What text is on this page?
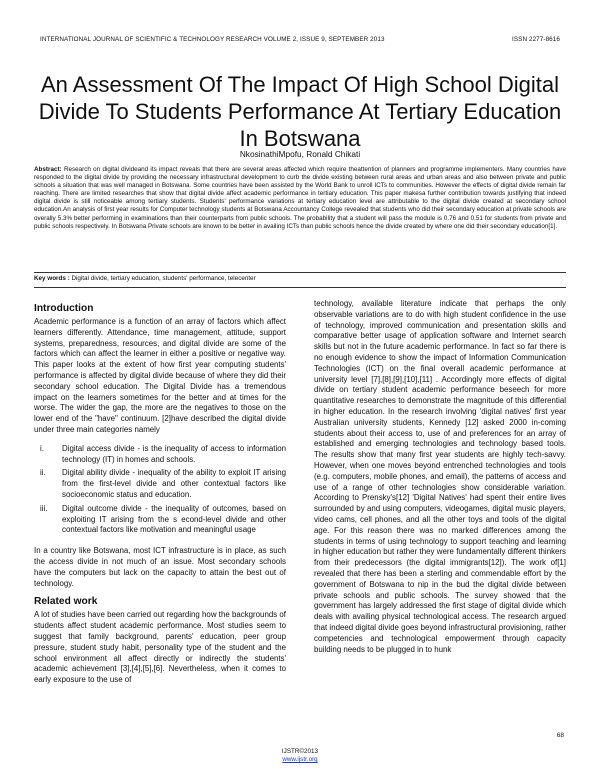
INTERNATIONAL JOURNAL OF SCIENTIFIC & TECHNOLOGY RESEARCH VOLUME 2, ISSUE 9, SEPTEMBER 2013	ISSN 2277-8616
An Assessment Of The Impact Of High School Digital Divide To Students Performance At Tertiary Education In Botswana
NkosinathiMpofu, Ronald Chikati
Abstract: Research on digital divideand its impact reveals that there are several areas affected which require theattention of planners and programme implementers. Many countries have responded to the digital divide by providing the necessary infrastructural development to curb the divide existing between rural areas and urban areas and also between private and public schools a situation that was well managed in Botswana. Some countries have been assisted by the World Bank to unroll ICTs to communities. However the effects of digital divide remain far reaching. There are limited researches that show that digital divide affect academic performance in tertiary education. This paper makesa further contribution towards justifying that indeed digital divide is still noticeable among tertiary students. Students' performance variations at tertiary education level are attributable to the digital divide created at secondary school education.An analysis of first year results for Computer technology students at Botswana Accountancy College revealed that students who did their secondary education at private schools are overally 5.3% better performing in examinations than their counterparts from public schools. The probability that a student will pass the module is 0.76 and 0.51 for students from private and public schools respectively. In Botswana Private schools are known to be better in availing ICTs than public schools hence the divide created by where one did their secondary education[1].
Key words : Digital divide, tertiary education, students' performance, telecenter
Introduction

Academic performance is a function of an array of factors which affect learners differently. Attendance, time management, attitude, support systems, preparedness, resources, and digital divide are some of the factors which can affect the learner in either a positive or negative way. This paper looks at the extent of how first year computing students' performance is affected by digital divide because of where they did their secondary school education. The Digital Divide has a tremendous impact on the learners sometimes for the better and at times for the worse. The wider the gap, the more are the negatives to those on the lower end of the "have" continuum. [2]have described the digital divide under three main categories namely

i. Digital access divide - is the inequality of access to information technology (IT) in homes and schools.
ii. Digital ability divide - inequality of the ability to exploit IT arising from the first-level divide and other contextual factors like socioeconomic status and education.
iii. Digital outcome divide - the inequality of outcomes, based on exploiting IT arising from the s econd-level divide and other contextual factors like motivation and meaningful usage

In a country like Botswana, most ICT infrastructure is in place, as such the access divide in not much of an issue. Most secondary schools have the computers but lack on the capacity to attain the best out of technology.

Related work

A lot of studies have been carried out regarding how the backgrounds of students affect student academic performance. Most studies seem to suggest that family background, parents' education, peer group pressure, student study habit, personality type of the student and the school environment all affect directly or indirectly the students' academic achievement [3],[4],[5],[6]. Nevertheless, when it comes to early exposure to the use of

technology, available literature indicate that perhaps the only observable variations are to do with high student confidence in the use of technology, improved communication and presentation skills and comparative better usage of application software and Internet search skills but not in the future academic performance. In fact so far there is no enough evidence to show the impact of Information Communication Technologies (ICT) on the final overall academic performance at university level [7],[8],[9],[10],[11] . Accordingly more effects of digital divide on tertiary student academic performance beseech for more quantitative researches to demonstrate the magnitude of this differential in higher education. In the research involving 'digital natives' first year Australian university students, Kennedy [12] asked 2000 in-coming students about their access to, use of and preferences for an array of established and emerging technologies and technology based tools. The results show that many first year students are highly tech-savvy. However, when one moves beyond entrenched technologies and tools (e.g. computers, mobile phones, and email), the patterns of access and use of a range of other technologies show considerable variation. According to Prensky's[12] 'Digital Natives' had spent their entire lives surrounded by and using computers, videogames, digital music players, video cams, cell phones, and all the other toys and tools of the digital age. For this reason there was no marked differences among the students in terms of using technology to support teaching and learning in higher education but rather they were fundamentally different thinkers from their predecessors (the digital immigrants[12]). The work of[1] revealed that there has been a sterling and commendable effort by the government of Botswana to nip in the bud the digital divide between private schools and public schools. The survey showed that the government has largely addressed the first stage of digital divide which deals with availing physical technological access. The research argued that indeed digital divide goes beyond infrastructural provisioning, rather competencies and technological empowerment through capacity building needs to be plugged in to hunk

68
IJSTR©2013
www.ijstr.org
